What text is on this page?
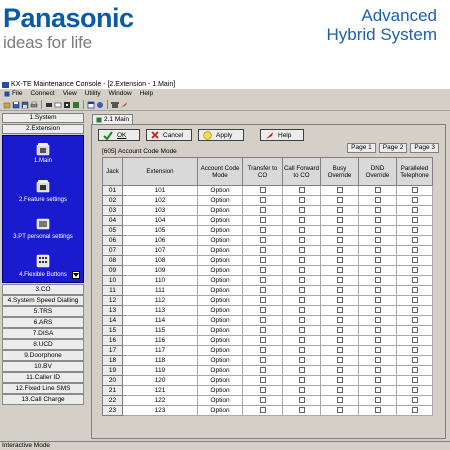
Panasonic
ideas for life
Advanced
Hybrid System
KX-TE Maintenance Console - [2.Extension - 1.Main]
File Connect View Utility Window Help
1.System
2.Extension
1.Main
2.Feature settings
3.PT personal settings
4.Flexible Buttons
3.CO
4.System Speed Dialling
5.TRS
6.ARS
7.DISA
8.UCD
9.Doorphone
10.BV
11.Caller ID
12.Fixed Line SMS
13.Call Charge
2.1 Main
OK	Cancel	Apply	Help
[605] Account Code Mode
Page 1	Page 2	Page 3
Jack	Extension	Account Code Mode	Transfer to CO	Call Forward to CO	Busy Override	DND Override	Paralleled Telephone
01	101	Option					
02	102	Option					
03	103	Option					
04	104	Option					
05	105	Option					
06	106	Option					
07	107	Option					
08	108	Option					
09	109	Option					
10	110	Option					
11	111	Option					
12	112	Option					
13	113	Option					
14	114	Option					
15	115	Option					
16	116	Option					
17	117	Option					
18	118	Option					
19	119	Option					
20	120	Option					
21	121	Option					
22	122	Option					
23	123	Option					
Interactive Mode
